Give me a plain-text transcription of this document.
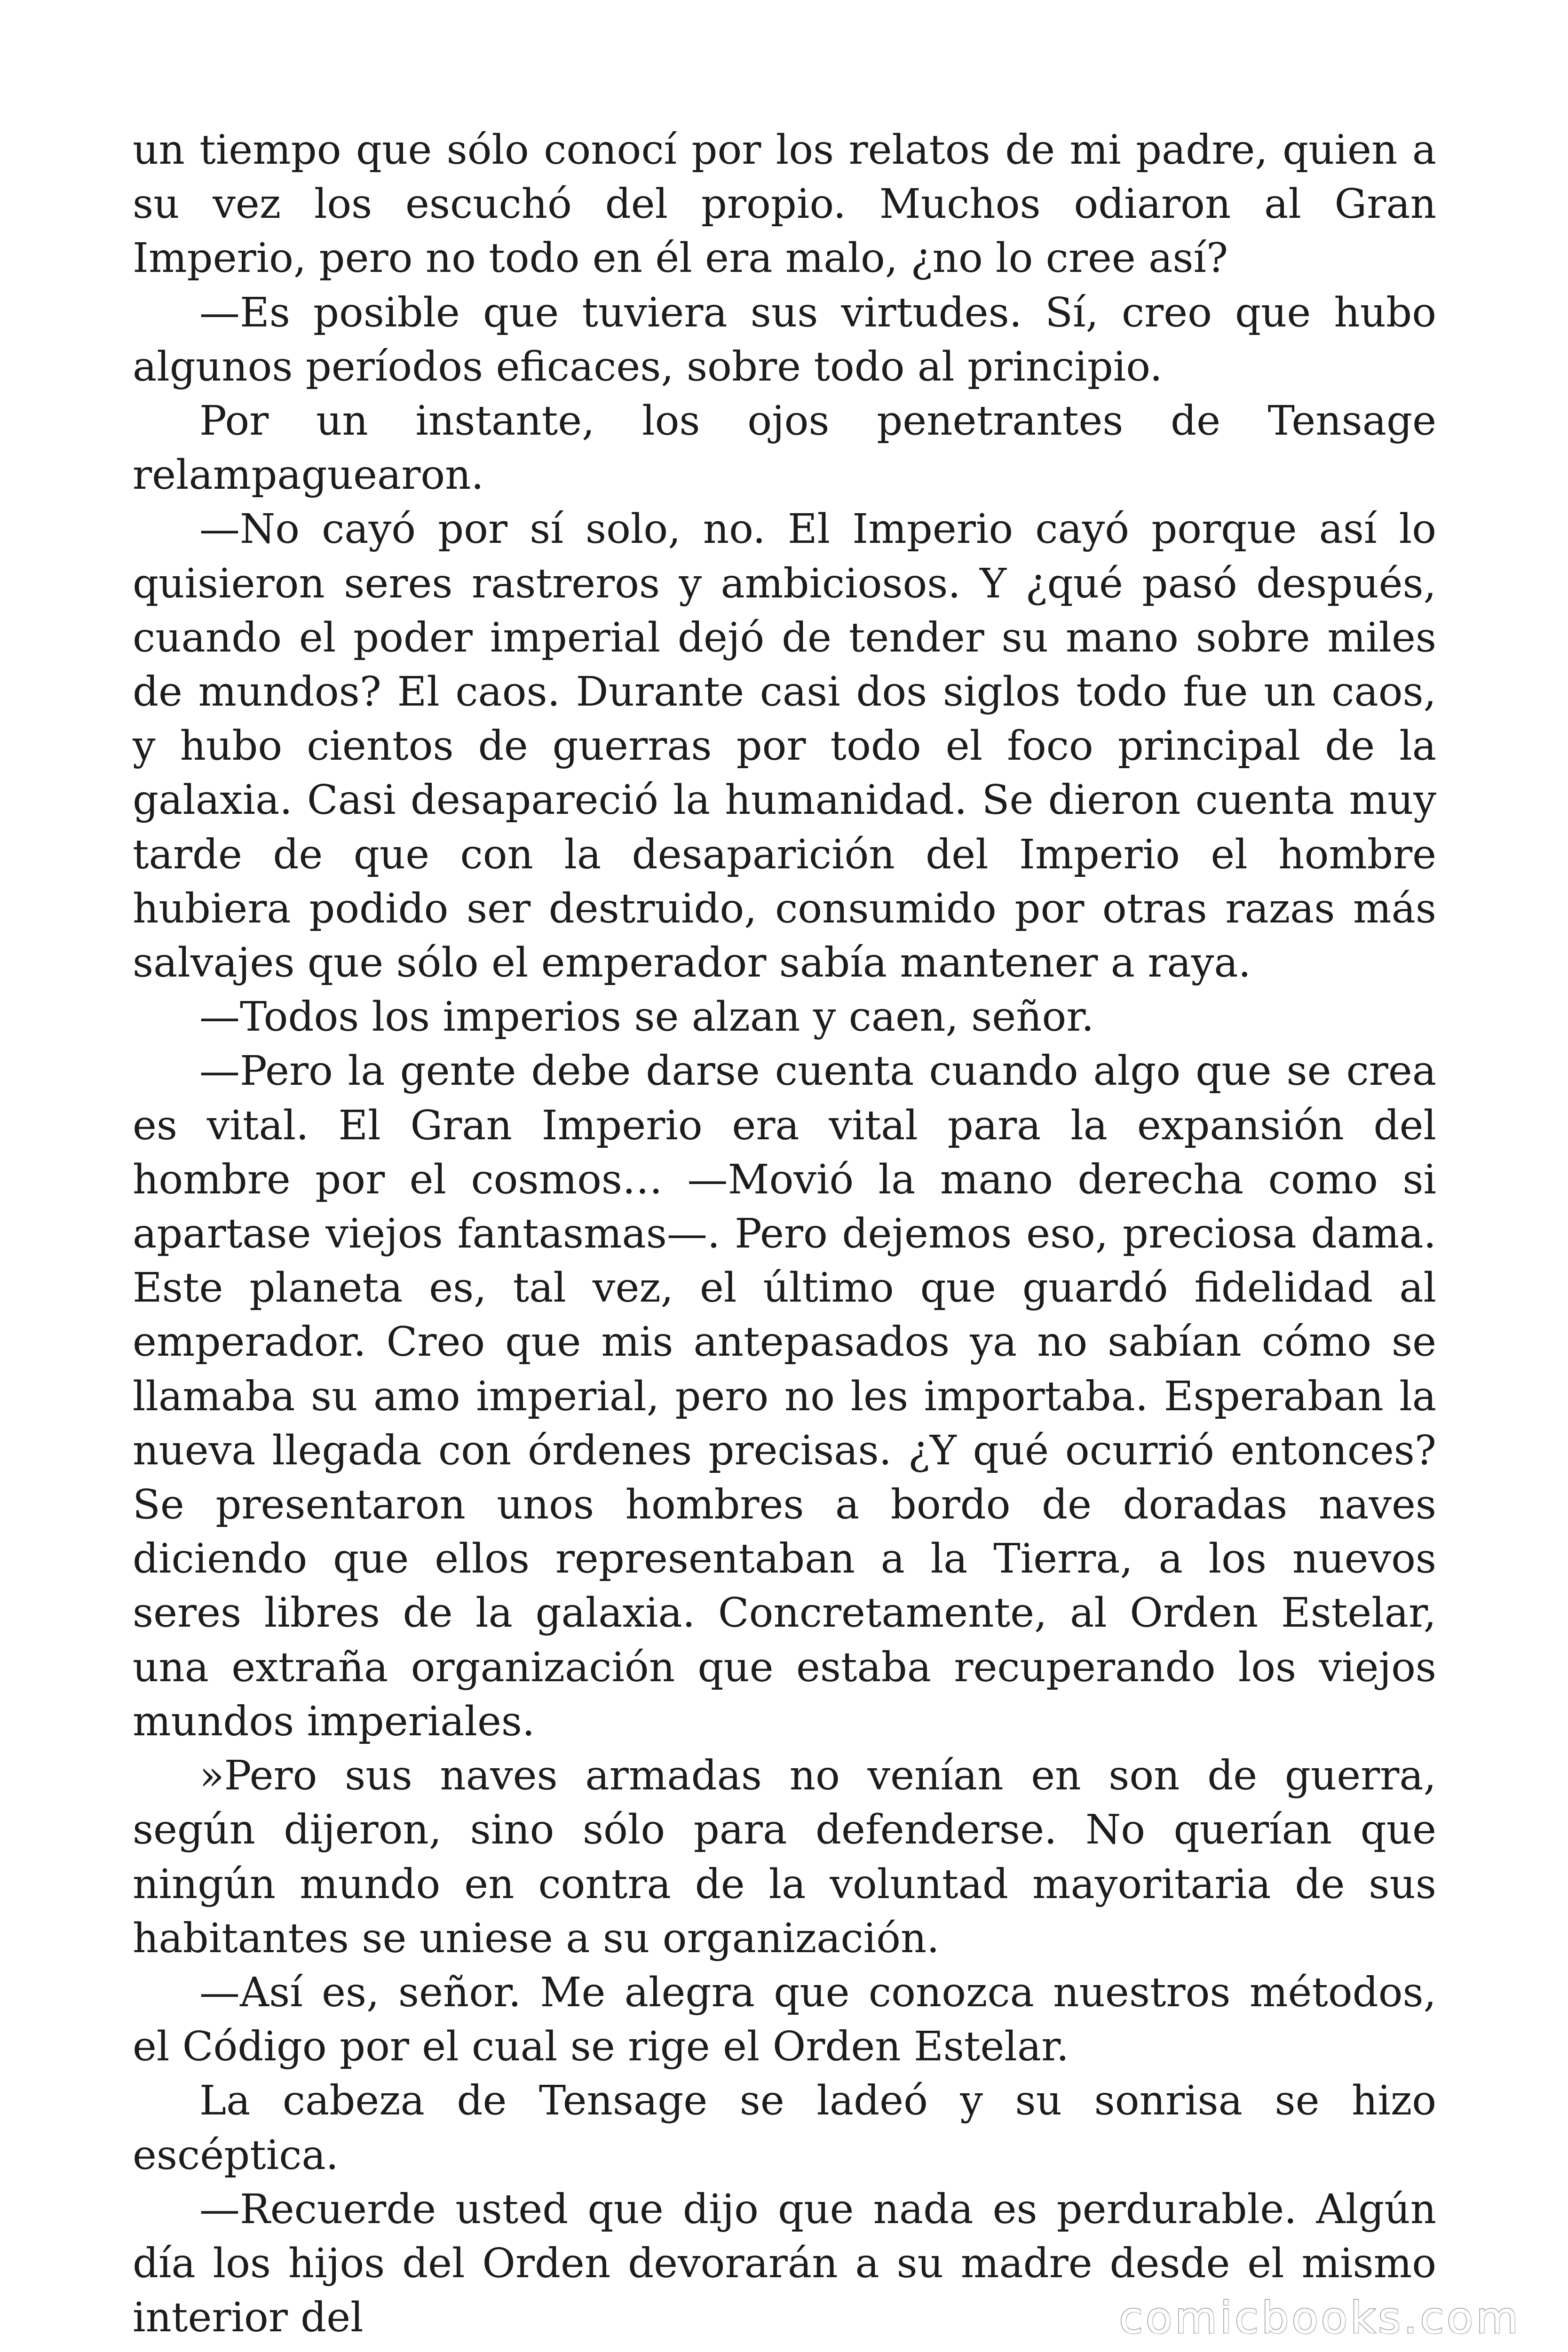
un tiempo que sólo conocí por los relatos de mi padre, quien a su vez los escuchó del propio. Muchos odiaron al Gran Imperio, pero no todo en él era malo, ¿no lo cree así?

—Es posible que tuviera sus virtudes. Sí, creo que hubo algunos períodos eficaces, sobre todo al principio.

Por un instante, los ojos penetrantes de Tensage relampaguearon.

—No cayó por sí solo, no. El Imperio cayó porque así lo quisieron seres rastreros y ambiciosos. Y ¿qué pasó después, cuando el poder imperial dejó de tender su mano sobre miles de mundos? El caos. Durante casi dos siglos todo fue un caos, y hubo cientos de guerras por todo el foco principal de la galaxia. Casi desapareció la humanidad. Se dieron cuenta muy tarde de que con la desaparición del Imperio el hombre hubiera podido ser destruido, consumido por otras razas más salvajes que sólo el emperador sabía mantener a raya.

—Todos los imperios se alzan y caen, señor.

—Pero la gente debe darse cuenta cuando algo que se crea es vital. El Gran Imperio era vital para la expansión del hombre por el cosmos… —Movió la mano derecha como si apartase viejos fantasmas—. Pero dejemos eso, preciosa dama. Este planeta es, tal vez, el último que guardó fidelidad al emperador. Creo que mis antepasados ya no sabían cómo se llamaba su amo imperial, pero no les importaba. Esperaban la nueva llegada con órdenes precisas. ¿Y qué ocurrió entonces? Se presentaron unos hombres a bordo de doradas naves diciendo que ellos representaban a la Tierra, a los nuevos seres libres de la galaxia. Concretamente, al Orden Estelar, una extraña organización que estaba recuperando los viejos mundos imperiales.

»Pero sus naves armadas no venían en son de guerra, según dijeron, sino sólo para defenderse. No querían que ningún mundo en contra de la voluntad mayoritaria de sus habitantes se uniese a su organización.

—Así es, señor. Me alegra que conozca nuestros métodos, el Código por el cual se rige el Orden Estelar.

La cabeza de Tensage se ladeó y su sonrisa se hizo escéptica.

—Recuerde usted que dijo que nada es perdurable. Algún día los hijos del Orden devorarán a su madre desde el mismo interior del	comicbooks.com
